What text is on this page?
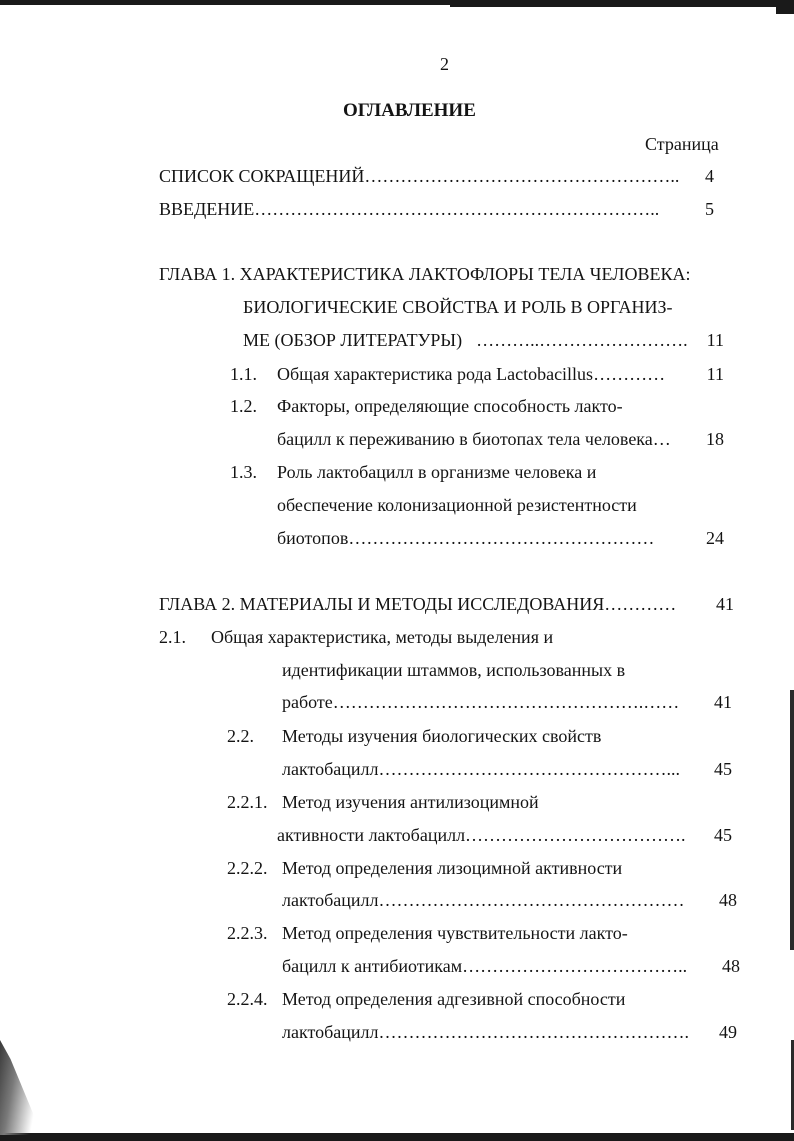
2
ОГЛАВЛЕНИЕ
Страница
СПИСОК СОКРАЩЕНИЙ……………………………………………..	4
ВВЕДЕНИЕ…………………………………………………………..	5
ГЛАВА 1. ХАРАКТЕРИСТИКА ЛАКТОФЛОРЫ ТЕЛА ЧЕЛОВЕКА:
БИОЛОГИЧЕСКИЕ СВОЙСТВА И РОЛЬ В ОРГАНИЗ-
МЕ (ОБЗОР ЛИТЕРАТУРЫ) ………..…………………….	11
1.1. Общая характеристика рода Lactobacillus…………	11
1.2. Факторы, определяющие способность лакто-
бацилл к переживанию в биотопах тела человека…	18
1.3. Роль лактобацилл в организме человека и
обеспечение колонизационной резистентности
биотопов……………………………………………	24
ГЛАВА 2. МАТЕРИАЛЫ И МЕТОДЫ ИССЛЕДОВАНИЯ…………	41
2.1. Общая характеристика, методы выделения и
идентификации штаммов, использованных в
работе…………………………………………….……	41
2.2. Методы изучения биологических свойств
лактобацилл…………………………………………...	45
2.2.1. Метод изучения антилизоцимной
активности лактобацилл……………………………….	45
2.2.2. Метод определения лизоцимной активности
лактобацилл……………………………………………	48
2.2.3. Метод определения чувствительности лакто-
бацилл к антибиотикам………………………………..	48
2.2.4. Метод определения адгезивной способности
лактобацилл…………………………………………….	49
